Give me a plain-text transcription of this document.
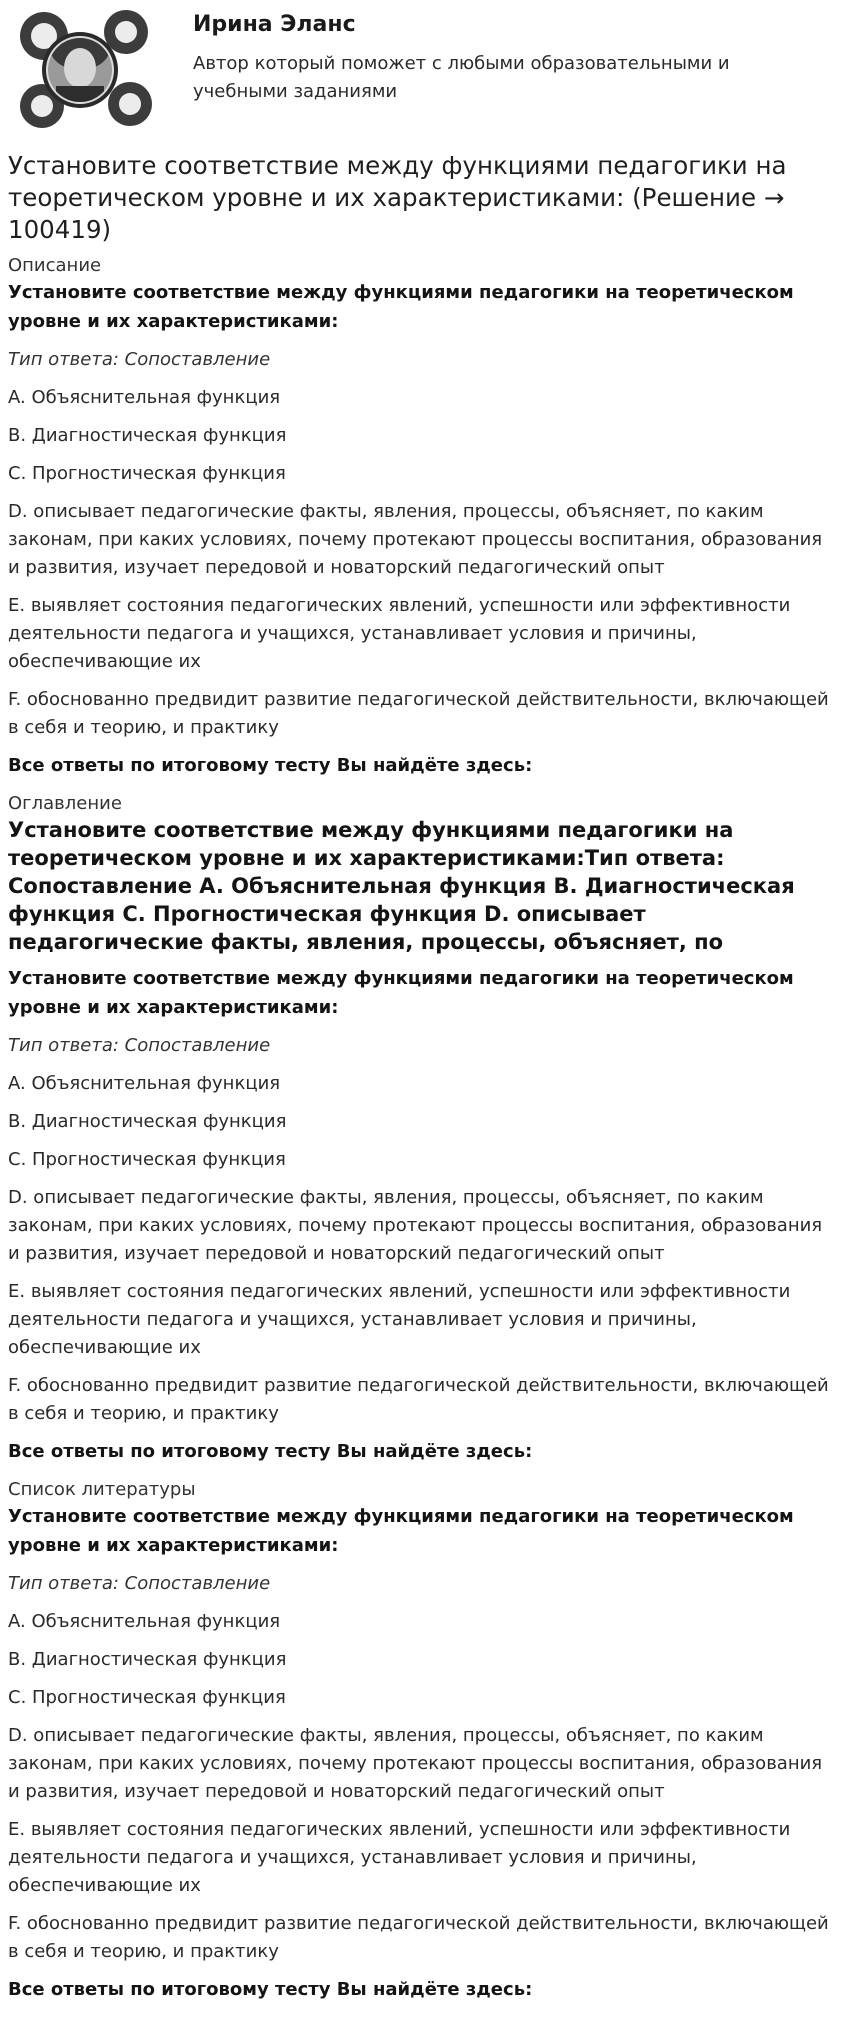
Ирина Эланс
Автор который поможет с любыми образовательными и учебными заданиями
Установите соответствие между функциями педагогики на теоретическом уровне и их характеристиками: (Решение → 100419)

Описание

Установите соответствие между функциями педагогики на теоретическом уровне и их характеристиками:

Тип ответа: Сопоставление

A. Объяснительная функция

B. Диагностическая функция

C. Прогностическая функция

D. описывает педагогические факты, явления, процессы, объясняет, по каким законам, при каких условиях, почему протекают процессы воспитания, образования и развития, изучает передовой и новаторский педагогический опыт

E. выявляет состояния педагогических явлений, успешности или эффективности деятельности педагога и учащихся, устанавливает условия и причины, обеспечивающие их

F. обоснованно предвидит развитие педагогической действительности, включающей в себя и теорию, и практику

Все ответы по итоговому тесту Вы найдёте здесь:

Оглавление

Установите соответствие между функциями педагогики на теоретическом уровне и их характеристиками:Тип ответа: Сопоставление A. Объяснительная функция B. Диагностическая функция C. Прогностическая функция D. описывает педагогические факты, явления, процессы, объясняет, по

Установите соответствие между функциями педагогики на теоретическом уровне и их характеристиками:

Тип ответа: Сопоставление

A. Объяснительная функция

B. Диагностическая функция

C. Прогностическая функция

D. описывает педагогические факты, явления, процессы, объясняет, по каким законам, при каких условиях, почему протекают процессы воспитания, образования и развития, изучает передовой и новаторский педагогический опыт

E. выявляет состояния педагогических явлений, успешности или эффективности деятельности педагога и учащихся, устанавливает условия и причины, обеспечивающие их

F. обоснованно предвидит развитие педагогической действительности, включающей в себя и теорию, и практику

Все ответы по итоговому тесту Вы найдёте здесь:

Список литературы

Установите соответствие между функциями педагогики на теоретическом уровне и их характеристиками:

Тип ответа: Сопоставление

A. Объяснительная функция

B. Диагностическая функция

C. Прогностическая функция

D. описывает педагогические факты, явления, процессы, объясняет, по каким законам, при каких условиях, почему протекают процессы воспитания, образования и развития, изучает передовой и новаторский педагогический опыт

E. выявляет состояния педагогических явлений, успешности или эффективности деятельности педагога и учащихся, устанавливает условия и причины, обеспечивающие их

F. обоснованно предвидит развитие педагогической действительности, включающей в себя и теорию, и практику

Все ответы по итоговому тесту Вы найдёте здесь:
